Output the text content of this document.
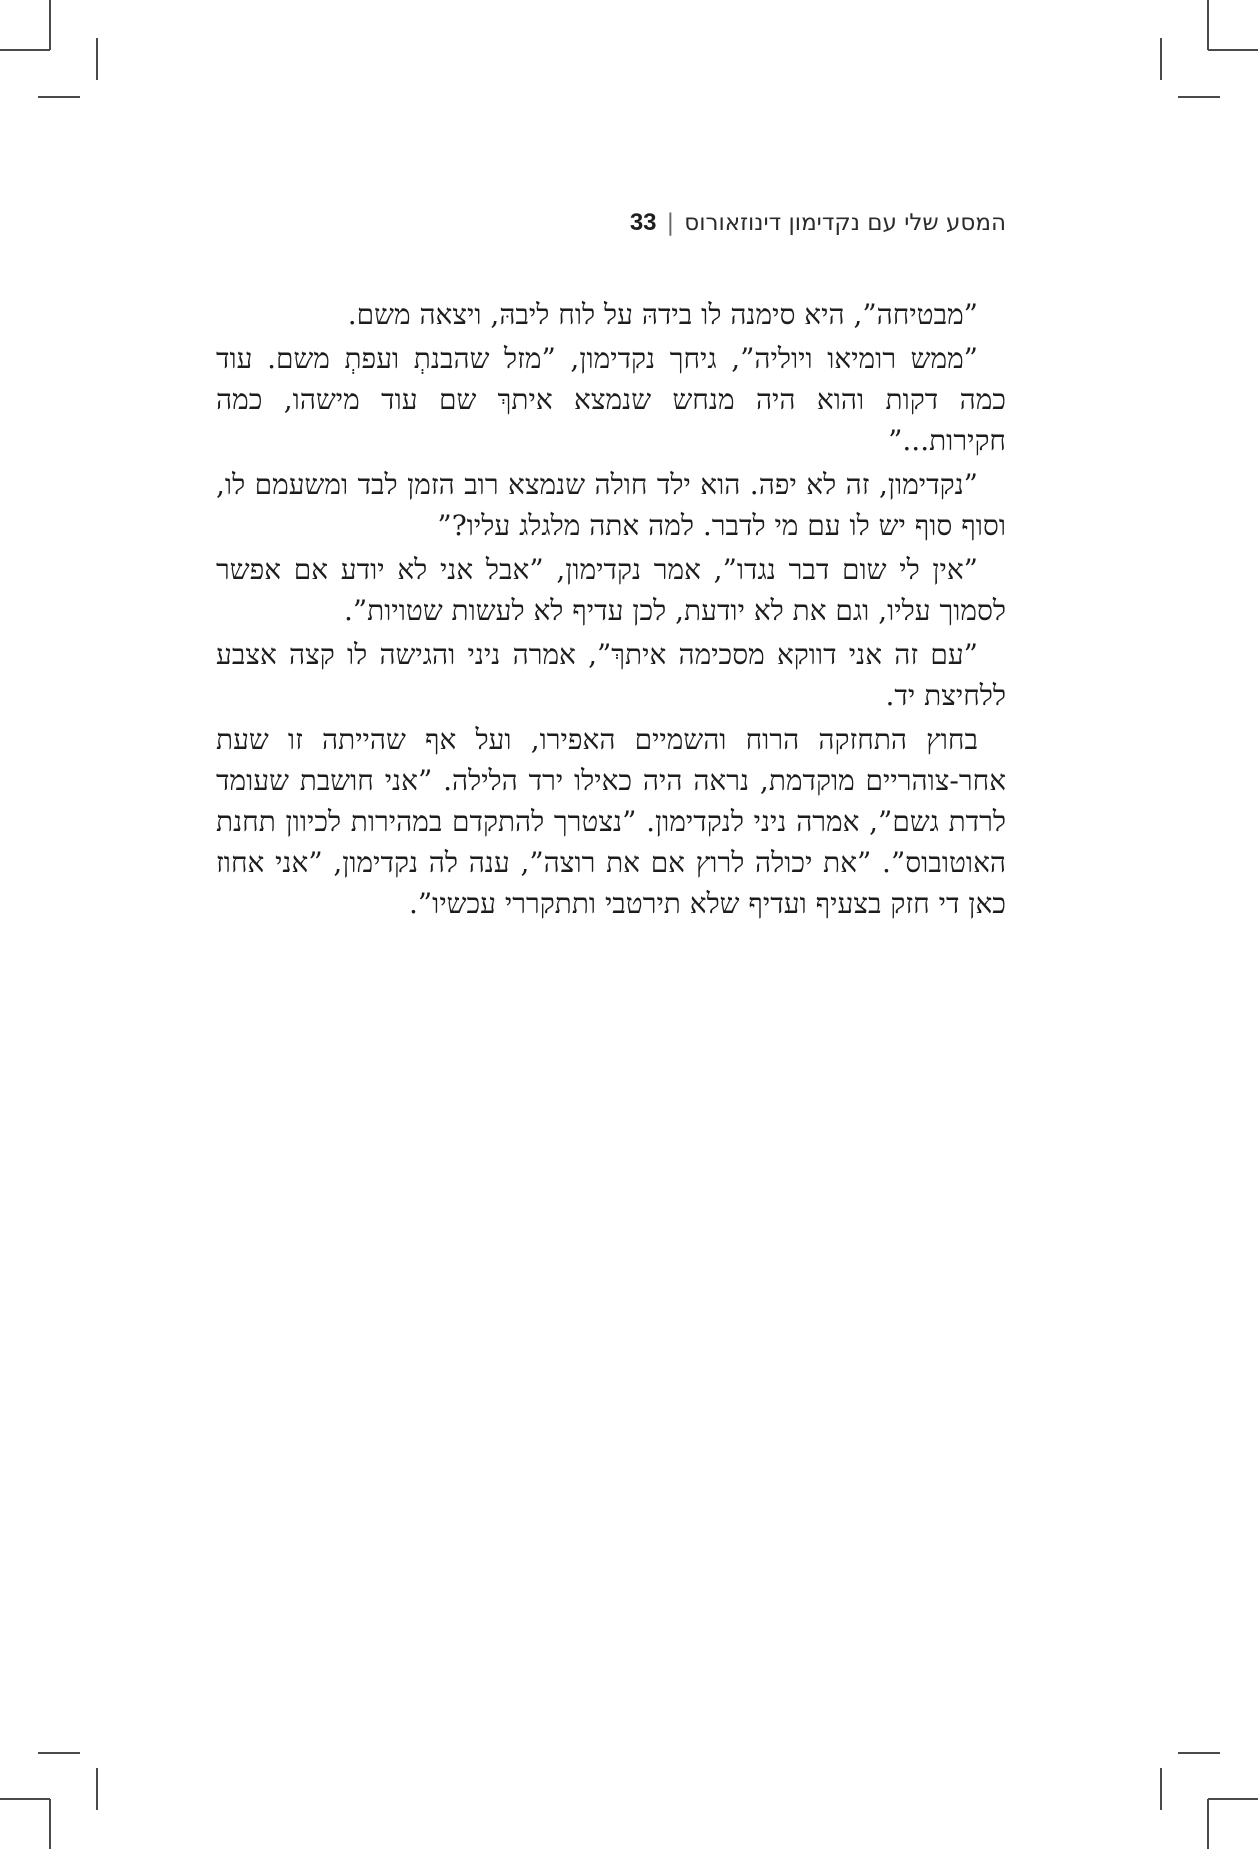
המסע שלי עם נקדימון דינוזאורוס|33

”מבטיחה”, היא סימנה לו בידהּ על לוח ליבהּ, ויצאה משם.

”ממש רומיאו ויוליה”, גיחך נקדימון, ”מזל שהבנתְ ועפתְ משם. עוד כמה דקות והוא היה מנחש שנמצא איתךְ שם עוד מישהו, כמה חקירות...”

”נקדימון, זה לא יפה. הוא ילד חולה שנמצא רוב הזמן לבד ומשעמם לו, וסוף סוף יש לו עם מי לדבר. למה אתה מלגלג עליו?”

”אין לי שום דבר נגדו”, אמר נקדימון, ”אבל אני לא יודע אם אפשר לסמוך עליו, וגם את לא יודעת, לכן עדיף לא לעשות שטויות”.

”עם זה אני דווקא מסכימה איתךְ”, אמרה ניני והגישה לו קצה אצבע ללחיצת יד.

בחוץ התחזקה הרוח והשמיים האפירו, ועל אף שהייתה זו שעת אחר-צוהריים מוקדמת, נראה היה כאילו ירד הלילה. ”אני חושבת שעומד לרדת גשם”, אמרה ניני לנקדימון. ”נצטרך להתקדם במהירות לכיוון תחנת האוטובוס”. ”את יכולה לרוץ אם את רוצה”, ענה לה נקדימון, ”אני אחוז כאן די חזק בצעיף ועדיף שלא תירטבי ותתקררי עכשיו”.
